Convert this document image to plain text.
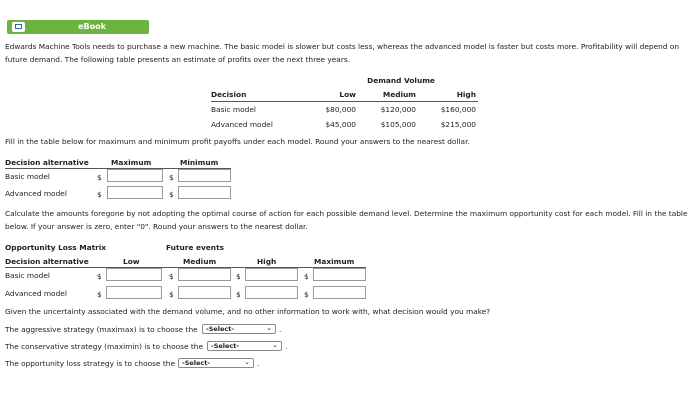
eBook
Edwards Machine Tools needs to purchase a new machine. The basic model is slower but costs less, whereas the advanced model is faster but costs more. Profitability will depend on future demand. The following table presents an estimate of profits over the next three years.
Demand Volume
Decision	Low	Medium	High
Basic model	$80,000	$120,000	$160,000
Advanced model	$45,000	$105,000	$215,000
Fill in the table below for maximum and minimum profit payoffs under each model. Round your answers to the nearest dollar.
Decision alternative	Maximum	Minimum
Basic model	$	$
Advanced model	$	$
Calculate the amounts foregone by not adopting the optimal course of action for each possible demand level. Determine the maximum opportunity cost for each model. Fill in the table below. If your answer is zero, enter "0". Round your answers to the nearest dollar.
Opportunity Loss Matrix	Future events
Decision alternative	Low	Medium	High	Maximum
Basic model	$	$	$	$
Advanced model	$	$	$	$
Given the uncertainty associated with the demand volume, and no other information to work with, what decision would you make?
The aggressive strategy (maximax) is to choose the	-Select-	⌄ .
The conservative strategy (maximin) is to choose the	-Select-	⌄ .
The opportunity loss strategy is to choose the	-Select-	⌄ .
